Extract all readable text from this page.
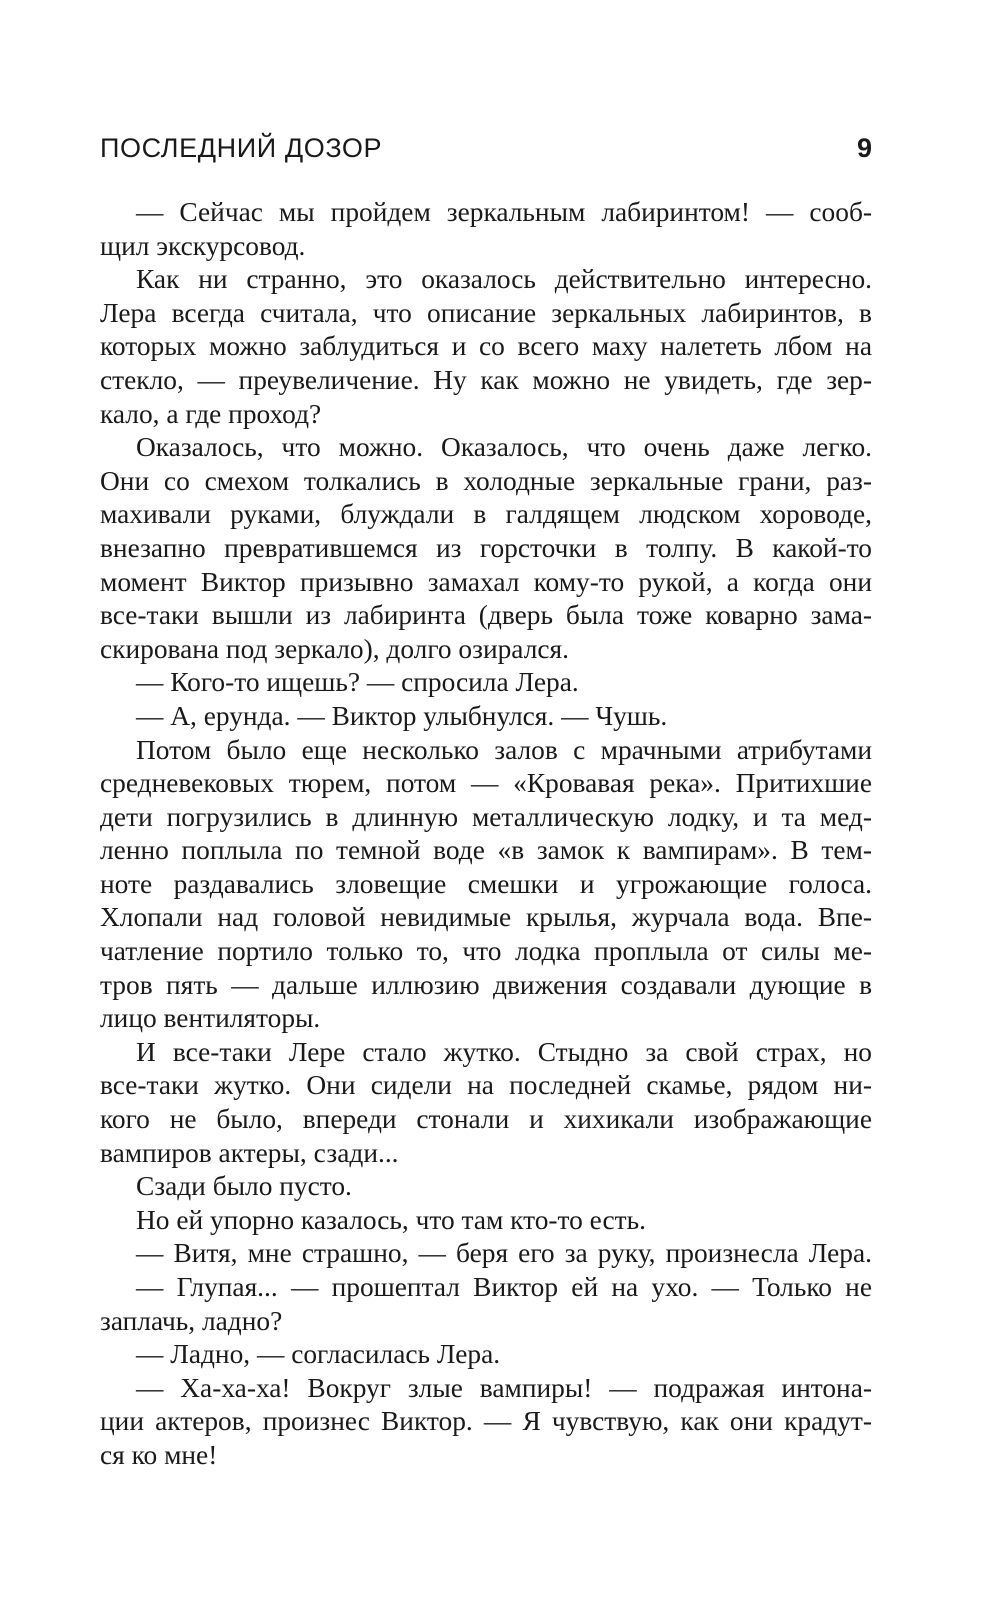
ПОСЛЕДНИЙ ДОЗОР	9
— Сейчас мы пройдем зеркальным лабиринтом! — сооб-
щил экскурсовод.
Как ни странно, это оказалось действительно интересно.
Лера всегда считала, что описание зеркальных лабиринтов, в
которых можно заблудиться и со всего маху налететь лбом на
стекло, — преувеличение. Ну как можно не увидеть, где зер-
кало, а где проход?
Оказалось, что можно. Оказалось, что очень даже легко.
Они со смехом толкались в холодные зеркальные грани, раз-
махивали руками, блуждали в галдящем людском хороводе,
внезапно превратившемся из горсточки в толпу. В какой-то
момент Виктор призывно замахал кому-то рукой, а когда они
все-таки вышли из лабиринта (дверь была тоже коварно зама-
скирована под зеркало), долго озирался.
— Кого-то ищешь? — спросила Лера.
— А, ерунда. — Виктор улыбнулся. — Чушь.
Потом было еще несколько залов с мрачными атрибутами
средневековых тюрем, потом — «Кровавая река». Притихшие
дети погрузились в длинную металлическую лодку, и та мед-
ленно поплыла по темной воде «в замок к вампирам». В тем-
ноте раздавались зловещие смешки и угрожающие голоса.
Хлопали над головой невидимые крылья, журчала вода. Впе-
чатление портило только то, что лодка проплыла от силы ме-
тров пять — дальше иллюзию движения создавали дующие в
лицо вентиляторы.
И все-таки Лере стало жутко. Стыдно за свой страх, но
все-таки жутко. Они сидели на последней скамье, рядом ни-
кого не было, впереди стонали и хихикали изображающие
вампиров актеры, сзади...
Сзади было пусто.
Но ей упорно казалось, что там кто-то есть.
— Витя, мне страшно, — беря его за руку, произнесла Лера.
— Глупая... — прошептал Виктор ей на ухо. — Только не
заплачь, ладно?
— Ладно, — согласилась Лера.
— Ха-ха-ха! Вокруг злые вампиры! — подражая интона-
ции актеров, произнес Виктор. — Я чувствую, как они крадут-
ся ко мне!
